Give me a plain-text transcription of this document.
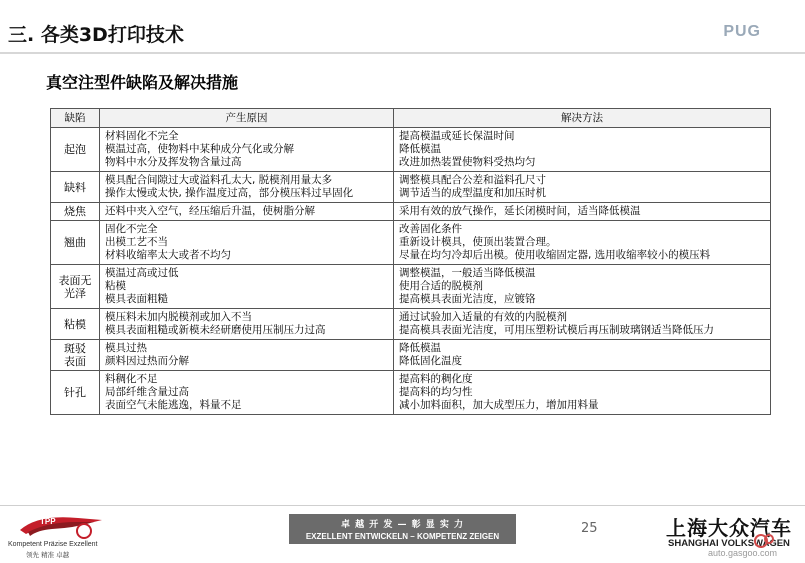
三. 各类3D打印技术	PUG
真空注型件缺陷及解决措施
缺陷	产生原因	解决方法

起泡	材料固化不完全
模温过高，使物料中某种成分气化或分解
物料中水分及挥发物含量过高	提高模温或延长保温时间
降低模温
改进加热装置使物料受热均匀

缺料	模具配合间隙过大或溢料孔太大, 脱模剂用量太多
操作太慢或太快, 操作温度过高，部分模压料过早固化	调整模具配合公差和溢料孔尺寸
调节适当的成型温度和加压时机

烧焦	还料中夹入空气，经压缩后升温，使树脂分解	采用有效的放气操作，延长闭模时间，适当降低模温

翘曲	固化不完全
出模工艺不当
材料收缩率太大或者不均匀	改善固化条件
重新设计模具，使顶出装置合理。
尽量在均匀冷却后出模。使用收缩固定器, 选用收缩率较小的模压料

表面无
光泽	模温过高或过低
粘模
模具表面粗糙	调整模温，一般适当降低模温
使用合适的脱模剂
提高模具表面光洁度，应镀铬

粘模	模压料未加内脱模剂或加入不当
模具表面粗糙或新模未经研磨使用压制压力过高	通过试验加入适量的有效的内脱模剂
提高模具表面光洁度，可用压塑粉试模后再压制玻璃钢适当降低压力

斑驳
表面	模具过热
颜料因过热而分解	降低模温
降低固化温度

针孔	料稠化不足
局部纤维含量过高
表面空气未能逃逸，料量不足	提高料的稠化度
提高料的均匀性
减小加料面积，加大成型压力，增加用料量
TPP
Kompetent Präzise Exzellent
领先 精准 卓越
卓 越 开 发 — 彰 显 实 力
EXZELLENT ENTWICKELN – KOMPETENZ ZEIGEN
25	上海大众汽车
SHANGHAI VOLKSWAGEN
auto.gasgoo.com
